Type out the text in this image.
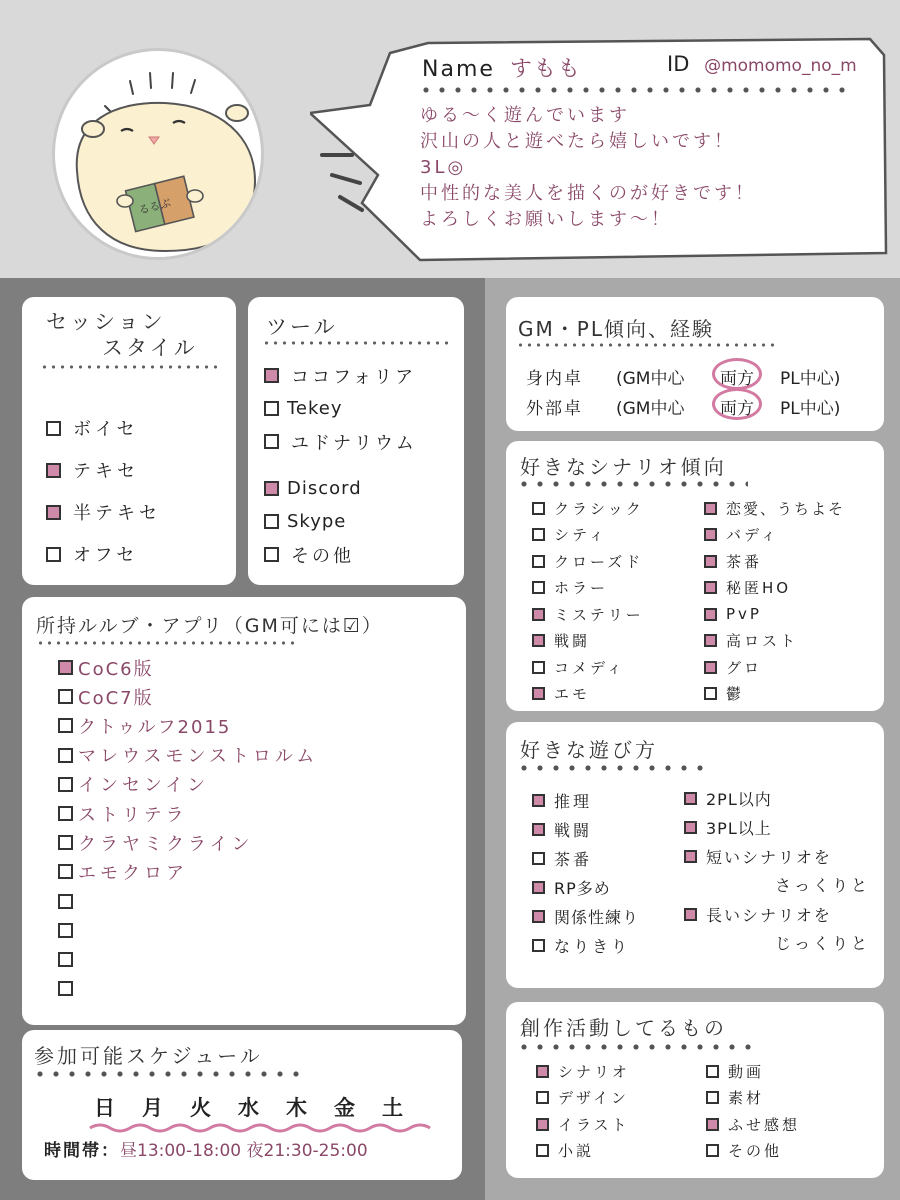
るるぶ
Name すもも	ID @momomo_no_m
ゆる～く遊んでいます
沢山の人と遊べたら嬉しいです！
3L◎
中性的な美人を描くのが好きです！
よろしくお願いします～！
セッション
スタイル
ボイセ
テキセ
半テキセ
オフセ
ツール
ココフォリア
Tekey
ユドナリウム
Discord
Skype
その他
所持ルルブ・アプリ（GM可には☑）
CoC6版
CoC7版
クトゥルフ2015
マレウスモンストロルム
インセンイン
ストリテラ
クラヤミクライン
エモクロア
参加可能スケジュール
日	月	火	水	木	金	土
時間帯：昼13:00-18:00 夜21:30-25:00
GM・PL傾向、経験
身内卓	(GM中心	両方	PL中心)
外部卓	(GM中心	両方	PL中心)
好きなシナリオ傾向
クラシック
シティ
クローズド
ホラー
ミステリー
戦闘
コメディ
エモ
恋愛、うちよそ
バディ
茶番
秘匿HO
PvP
高ロスト
グロ
鬱
好きな遊び方
推理
戦闘
茶番
RP多め
関係性練り
なりきり
2PL以内
3PL以上
短いシナリオを
さっくりと
長いシナリオを
じっくりと
創作活動してるもの
シナリオ
デザイン
イラスト
小説
動画
素材
ふせ感想
その他
